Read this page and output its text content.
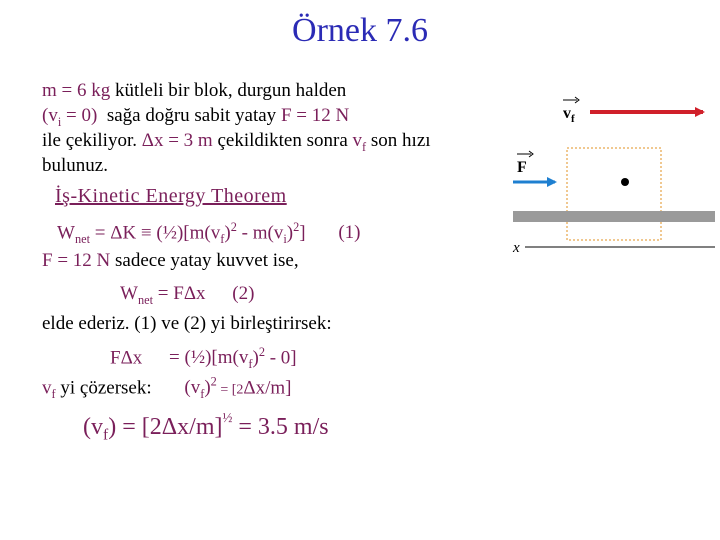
Örnek 7.6
m = 6 kg kütleli bir blok, durgun halden
$(v_i = 0)$ sağa doğru sabit yatay F = 12 N
ile çekiliyor. Δx = 3 m çekildikten sonra $v_f$ son hızı
bulunuz.
İş-Kinetic Energy Theorem
$W_{net} = \Delta K$ ≡ $(\frac{1}{2})[m(v_f)^2 - m(v_i)^2]$ (1)
F = 12 N sadece yatay kuvvet ise,
$W_{net} = F\Delta x$ (2)
elde ederiz. (1) ve (2) yi birleştirirsek:
$F\Delta x = (\frac{1}{2})[m(v_f)^2 - 0]$
$v_f$ yi çözersek: $(v_f)^2 = [2\Delta x/m]$
$(v_f) = [2\Delta x/m]^{\frac{1}{2}} = 3.5$ m/s
$v_f$
F
x
